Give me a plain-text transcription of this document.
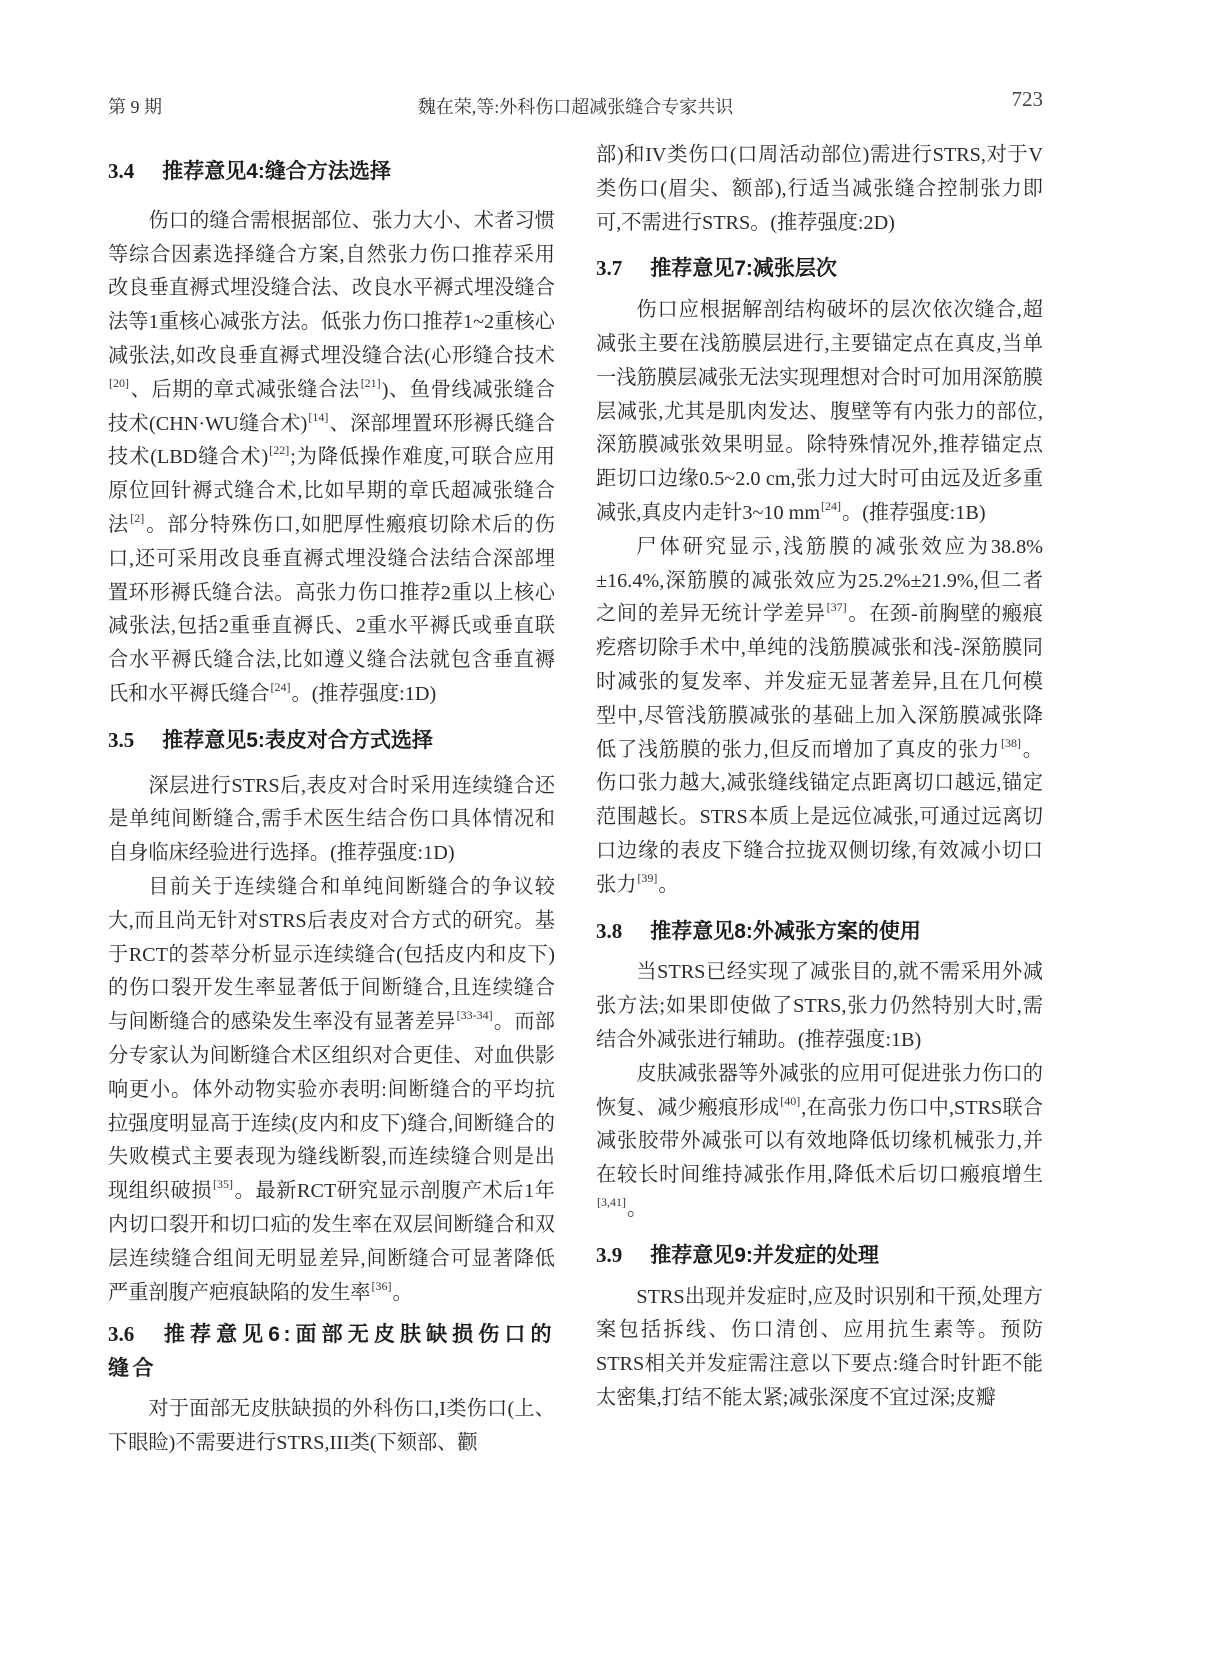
第 9 期	魏在荣,等:外科伤口超减张缝合专家共识	723
3.4 推荐意见4:缝合方法选择

伤口的缝合需根据部位、张力大小、术者习惯等综合因素选择缝合方案,自然张力伤口推荐采用改良垂直褥式埋没缝合法、改良水平褥式埋没缝合法等1重核心减张方法。低张力伤口推荐1~2重核心减张法,如改良垂直褥式埋没缝合法(心形缝合技术[20]、后期的章式减张缝合法[21])、鱼骨线减张缝合技术(CHN·WU缝合术)[14]、深部埋置环形褥氏缝合技术(LBD缝合术)[22];为降低操作难度,可联合应用原位回针褥式缝合术,比如早期的章氏超减张缝合法[2]。部分特殊伤口,如肥厚性瘢痕切除术后的伤口,还可采用改良垂直褥式埋没缝合法结合深部埋置环形褥氏缝合法。高张力伤口推荐2重以上核心减张法,包括2重垂直褥氏、2重水平褥氏或垂直联合水平褥氏缝合法,比如遵义缝合法就包含垂直褥氏和水平褥氏缝合[24]。(推荐强度:1D)

3.5 推荐意见5:表皮对合方式选择

深层进行STRS后,表皮对合时采用连续缝合还是单纯间断缝合,需手术医生结合伤口具体情况和自身临床经验进行选择。(推荐强度:1D)

目前关于连续缝合和单纯间断缝合的争议较大,而且尚无针对STRS后表皮对合方式的研究。基于RCT的荟萃分析显示连续缝合(包括皮内和皮下)的伤口裂开发生率显著低于间断缝合,且连续缝合与间断缝合的感染发生率没有显著差异[33-34]。而部分专家认为间断缝合术区组织对合更佳、对血供影响更小。体外动物实验亦表明:间断缝合的平均抗拉强度明显高于连续(皮内和皮下)缝合,间断缝合的失败模式主要表现为缝线断裂,而连续缝合则是出现组织破损[35]。最新RCT研究显示剖腹产术后1年内切口裂开和切口疝的发生率在双层间断缝合和双层连续缝合组间无明显差异,间断缝合可显著降低严重剖腹产疤痕缺陷的发生率[36]。

3.6 推荐意见6:面部无皮肤缺损伤口的缝合

对于面部无皮肤缺损的外科伤口,I类伤口(上、下眼睑)不需要进行STRS,III类(下颏部、颧

部)和IV类伤口(口周活动部位)需进行STRS,对于V类伤口(眉尖、额部),行适当减张缝合控制张力即可,不需进行STRS。(推荐强度:2D)

3.7 推荐意见7:减张层次

伤口应根据解剖结构破坏的层次依次缝合,超减张主要在浅筋膜层进行,主要锚定点在真皮,当单一浅筋膜层减张无法实现理想对合时可加用深筋膜层减张,尤其是肌肉发达、腹壁等有内张力的部位,深筋膜减张效果明显。除特殊情况外,推荐锚定点距切口边缘0.5~2.0 cm,张力过大时可由远及近多重减张,真皮内走针3~10 mm[24]。(推荐强度:1B)

尸体研究显示,浅筋膜的减张效应为38.8%±16.4%,深筋膜的减张效应为25.2%±21.9%,但二者之间的差异无统计学差异[37]。在颈-前胸壁的瘢痕疙瘩切除手术中,单纯的浅筋膜减张和浅-深筋膜同时减张的复发率、并发症无显著差异,且在几何模型中,尽管浅筋膜减张的基础上加入深筋膜减张降低了浅筋膜的张力,但反而增加了真皮的张力[38]。伤口张力越大,减张缝线锚定点距离切口越远,锚定范围越长。STRS本质上是远位减张,可通过远离切口边缘的表皮下缝合拉拢双侧切缘,有效减小切口张力[39]。

3.8 推荐意见8:外减张方案的使用

当STRS已经实现了减张目的,就不需采用外减张方法;如果即使做了STRS,张力仍然特别大时,需结合外减张进行辅助。(推荐强度:1B)

皮肤减张器等外减张的应用可促进张力伤口的恢复、减少瘢痕形成[40],在高张力伤口中,STRS联合减张胶带外减张可以有效地降低切缘机械张力,并在较长时间维持减张作用,降低术后切口瘢痕增生[3,41]。

3.9 推荐意见9:并发症的处理

STRS出现并发症时,应及时识别和干预,处理方案包括拆线、伤口清创、应用抗生素等。预防STRS相关并发症需注意以下要点:缝合时针距不能太密集,打结不能太紧;减张深度不宜过深;皮瓣
